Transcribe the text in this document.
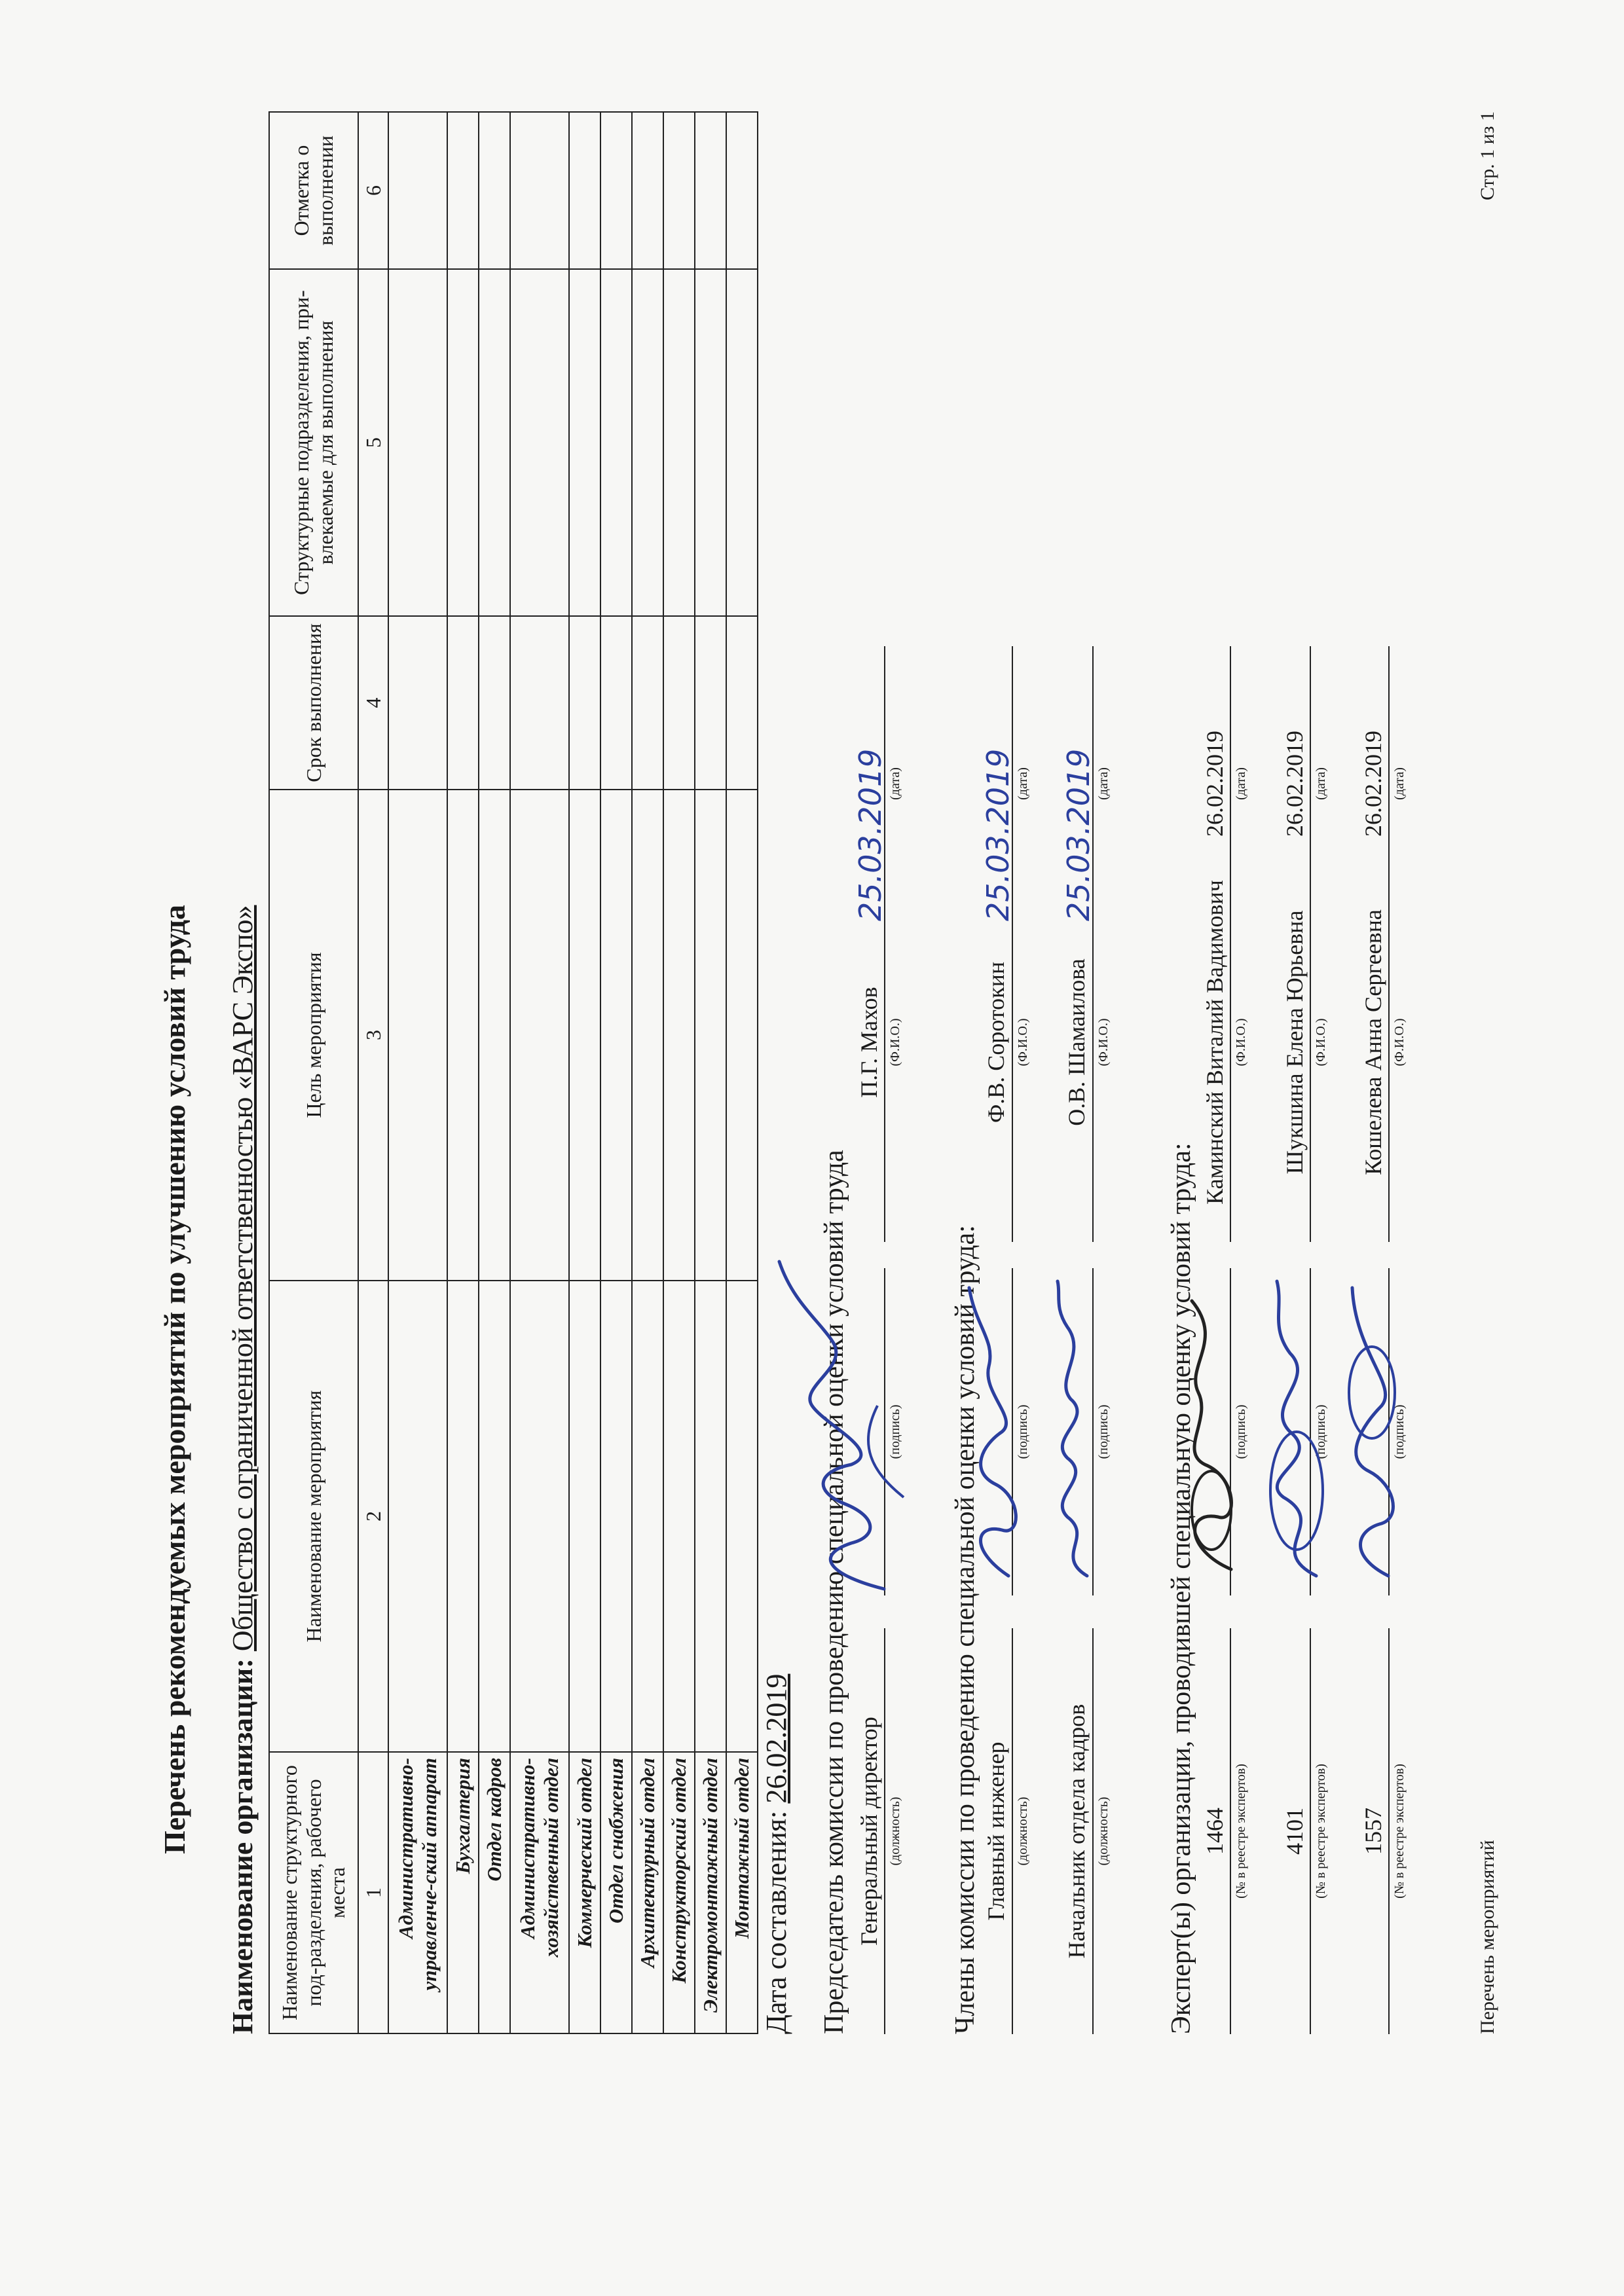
Перечень рекомендуемых мероприятий по улучшению условий труда Наименование организации: Общество с ограниченной ответственностью «ВАРС Экспо»
Наименование структурного под-разделения, рабочего места	Наименование мероприятия	Цель мероприятия	Срок выполнения	Структурные подразделения, при-влекаемые для выполнения	Отметка о выполнении
1	2	3	4	5	6
Административно-управленче-ский аппарат					
Бухгалтерия					
Отдел кадров					
Административно-хозяйственный отдел					
Коммерческий отдел					
Отдел снабжения					
Архитектурный отдел					
Конструкторский отдел					
Электромонтажный отдел					
Монтажный отдел					Дата составления: 26.02.2019 Председатель комиссии по проведению специальной оценки условий труда Генеральный директор (должность)
(подпись)
П.Г. Махов (Ф.И.О.)
25.03.2019 (дата)
Члены комиссии по проведению специальной оценки условий труда: Главный инженер (должность)
(подпись)
Ф.В. Соротокин (Ф.И.О.)
25.03.2019 (дата)
Начальник отдела кадров (должность)
(подпись)
О.В. Шамаилова (Ф.И.О.)
25.03.2019 (дата)
Эксперт(ы) организации, проводившей специальную оценку условий труда: 1464 (№ в реестре экспертов)
(подпись)
Каминский Виталий Вадимович (Ф.И.О.)
26.02.2019 (дата)
4101 (№ в реестре экспертов)
(подпись)
Шукшина Елена Юрьевна (Ф.И.О.)
26.02.2019 (дата)
1557 (№ в реестре экспертов)
(подпись)
Кошелева Анна Сергеевна (Ф.И.О.)
26.02.2019 (дата)
Перечень мероприятий
Стр. 1 из 1
